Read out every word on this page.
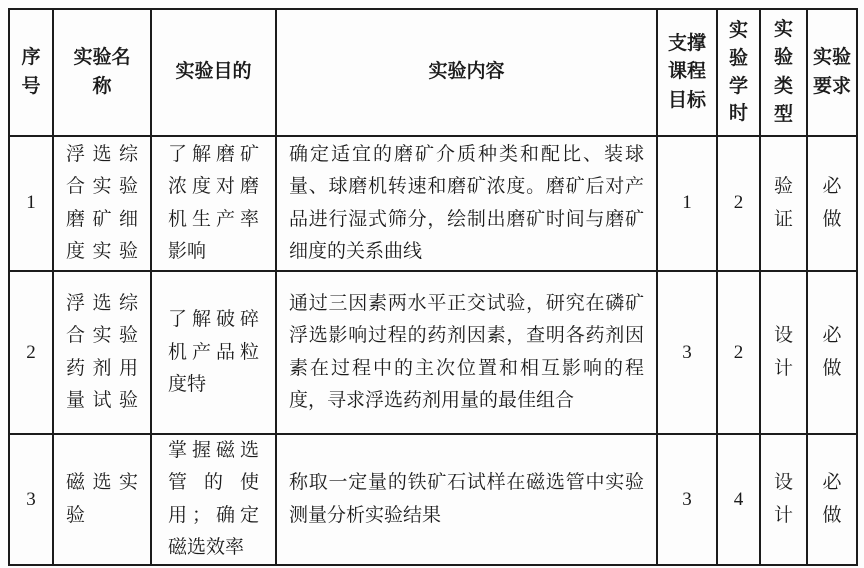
序号	实验名称	实验目的	实验内容	支撑课程目标	实验学时	实验类型	实验要求
1	浮选综合实验磨矿细度实验	了解磨矿浓度对磨机生产率影响	确定适宜的磨矿介质种类和配比、装球量、球磨机转速和磨矿浓度。磨矿后对产品进行湿式筛分，绘制出磨矿时间与磨矿细度的关系曲线	1	2	验证	必做
2	浮选综合实验药剂用量试验	了解破碎机产品粒度特	通过三因素两水平正交试验，研究在磷矿浮选影响过程的药剂因素，查明各药剂因素在过程中的主次位置和相互影响的程度，寻求浮选药剂用量的最佳组合	3	2	设计	必做
3	磁选实验	掌握磁选管的使用；确定磁选效率	称取一定量的铁矿石试样在磁选管中实验测量分析实验结果	3	4	设计	必做
